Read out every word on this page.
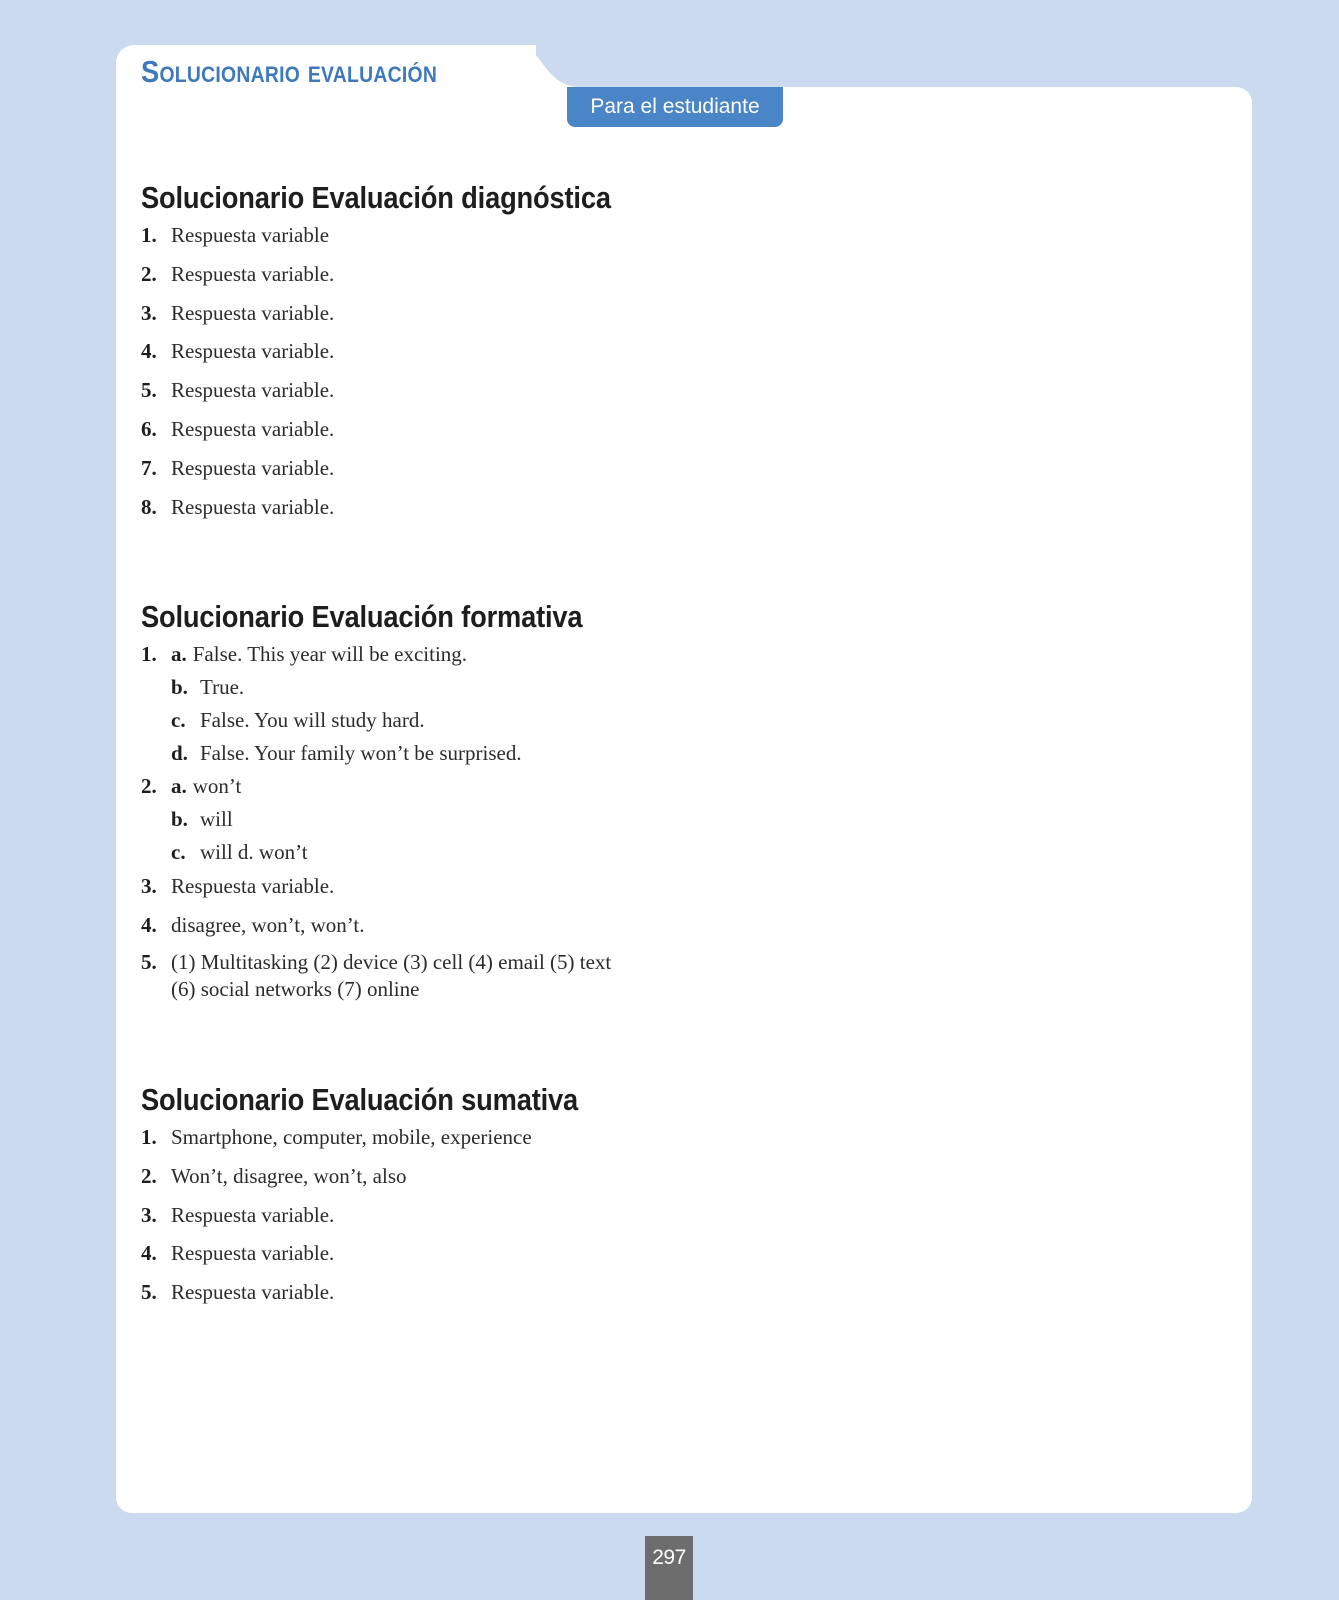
Solucionario evaluación
Para el estudiante
Solucionario Evaluación diagnóstica
1. Respuesta variable
2. Respuesta variable.
3. Respuesta variable.
4. Respuesta variable.
5. Respuesta variable.
6. Respuesta variable.
7. Respuesta variable.
8. Respuesta variable.
Solucionario Evaluación formativa
1. a. False. This year will be exciting.
b. True.
c. False. You will study hard.
d. False. Your family won’t be surprised.
2. a. won’t
b. will
c. will d. won’t
3. Respuesta variable.
4. disagree, won’t, won’t.
5. (1) Multitasking (2) device (3) cell (4) email (5) text
(6) social networks (7) online
Solucionario Evaluación sumativa
1. Smartphone, computer, mobile, experience
2. Won’t, disagree, won’t, also
3. Respuesta variable.
4. Respuesta variable.
5. Respuesta variable.
297
